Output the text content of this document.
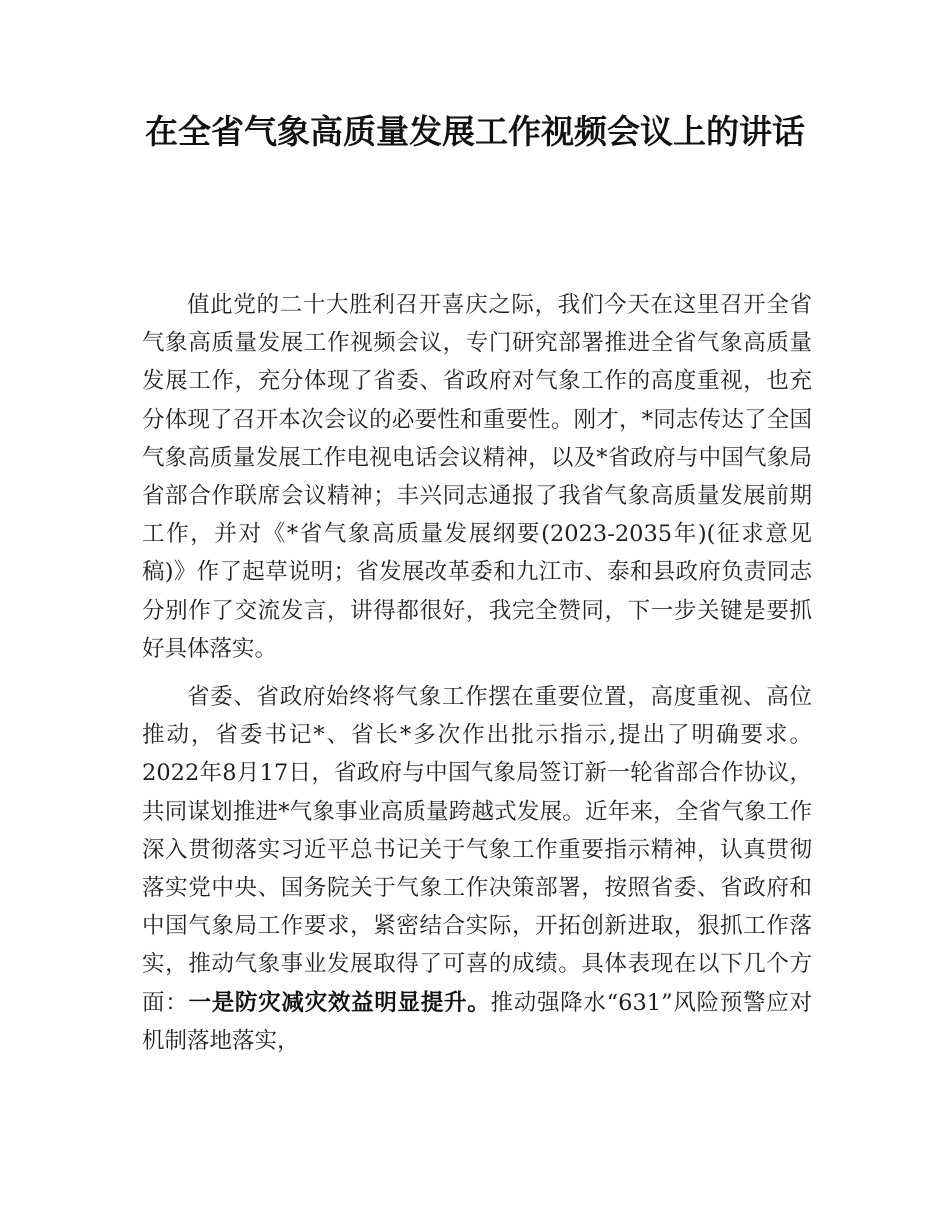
在全省气象高质量发展工作视频会议上的讲话

值此党的二十大胜利召开喜庆之际，我们今天在这里召开全省气象高质量发展工作视频会议，专门研究部署推进全省气象高质量发展工作，充分体现了省委、省政府对气象工作的高度重视，也充分体现了召开本次会议的必要性和重要性。刚才，*同志传达了全国气象高质量发展工作电视电话会议精神，以及*省政府与中国气象局省部合作联席会议精神；丰兴同志通报了我省气象高质量发展前期工作，并对《*省气象高质量发展纲要(2023-2035年)(征求意见稿)》作了起草说明；省发展改革委和九江市、泰和县政府负责同志分别作了交流发言，讲得都很好，我完全赞同，下一步关键是要抓好具体落实。

省委、省政府始终将气象工作摆在重要位置，高度重视、高位推动，省委书记*、省长*多次作出批示指示,提出了明确要求。2022年8月17日，省政府与中国气象局签订新一轮省部合作协议，共同谋划推进*气象事业高质量跨越式发展。近年来，全省气象工作深入贯彻落实习近平总书记关于气象工作重要指示精神，认真贯彻落实党中央、国务院关于气象工作决策部署，按照省委、省政府和中国气象局工作要求，紧密结合实际，开拓创新进取，狠抓工作落实，推动气象事业发展取得了可喜的成绩。具体表现在以下几个方面：一是防灾减灾效益明显提升。推动强降水“631”风险预警应对机制落地落实，
